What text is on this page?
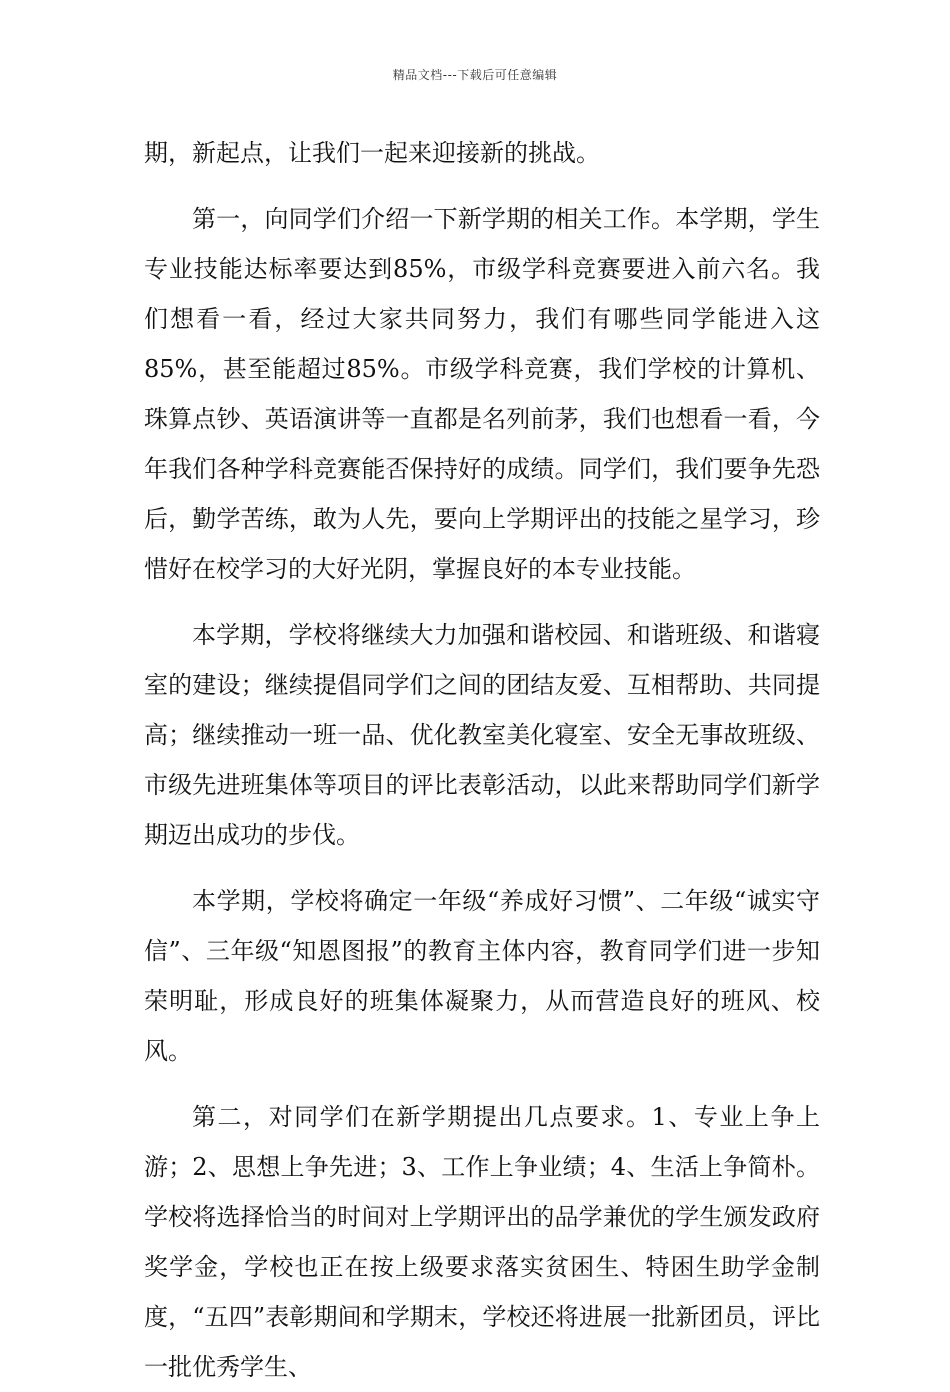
精品文档---下载后可任意编辑

期，新起点，让我们一起来迎接新的挑战。

第一，向同学们介绍一下新学期的相关工作。本学期，学生专业技能达标率要达到85%，市级学科竞赛要进入前六名。我们想看一看，经过大家共同努力，我们有哪些同学能进入这85%，甚至能超过85%。市级学科竞赛，我们学校的计算机、珠算点钞、英语演讲等一直都是名列前茅，我们也想看一看，今年我们各种学科竞赛能否保持好的成绩。同学们，我们要争先恐后，勤学苦练，敢为人先，要向上学期评出的技能之星学习，珍惜好在校学习的大好光阴，掌握良好的本专业技能。

本学期，学校将继续大力加强和谐校园、和谐班级、和谐寝室的建设；继续提倡同学们之间的团结友爱、互相帮助、共同提高；继续推动一班一品、优化教室美化寝室、安全无事故班级、市级先进班集体等项目的评比表彰活动，以此来帮助同学们新学期迈出成功的步伐。

本学期，学校将确定一年级“养成好习惯”、二年级“诚实守信”、三年级“知恩图报”的教育主体内容，教育同学们进一步知荣明耻，形成良好的班集体凝聚力，从而营造良好的班风、校风。

第二，对同学们在新学期提出几点要求。1、专业上争上游；2、思想上争先进；3、工作上争业绩；4、生活上争简朴。学校将选择恰当的时间对上学期评出的品学兼优的学生颁发政府奖学金，学校也正在按上级要求落实贫困生、特困生助学金制度，“五四”表彰期间和学期末，学校还将进展一批新团员，评比一批优秀学生、
